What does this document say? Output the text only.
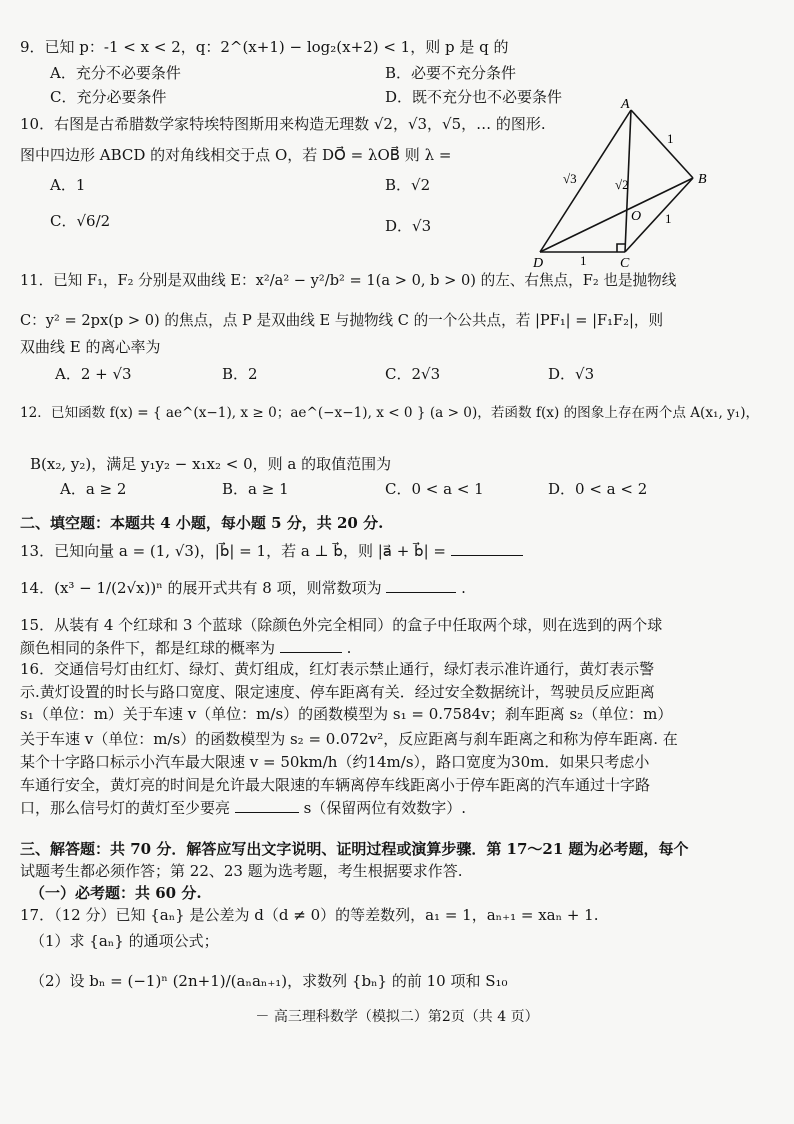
9．已知 p：-1 < x < 2，q：2^(x+1) − log₂(x+2) < 1，则 p 是 q 的
A．充分不必要条件	B．必要不充分条件
C．充分必要条件	D．既不充分也不必要条件
10．右图是古希腊数学家特埃特图斯用来构造无理数 √2，√3，√5，… 的图形.
图中四边形 ABCD 的对角线相交于点 O，若 DO⃗ = λOB⃗ 则 λ =
A．1	B．√2
C．√6/2	D．√3
A
B
C
D
O
1
1
1
√3	√2
11．已知 F₁，F₂ 分别是双曲线 E：x²/a² − y²/b² = 1(a > 0, b > 0) 的左、右焦点，F₂ 也是抛物线
C：y² = 2px(p > 0) 的焦点，点 P 是双曲线 E 与抛物线 C 的一个公共点，若 |PF₁| = |F₁F₂|，则
双曲线 E 的离心率为
A．2 + √3	B．2	C．2√3	D．√3
12．已知函数 f(x) = { ae^(x−1), x ≥ 0；ae^(−x−1), x < 0 } (a > 0)，若函数 f(x) 的图象上存在两个点 A(x₁, y₁)，
B(x₂, y₂)，满足 y₁y₂ − x₁x₂ < 0，则 a 的取值范围为
A．a ≥ 2	B．a ≥ 1	C．0 < a < 1	D．0 < a < 2
二、填空题：本题共 4 小题，每小题 5 分，共 20 分.
13．已知向量 a = (1, √3)，|b⃗| = 1，若 a ⊥ b⃗，则 |a⃗ + b⃗| =
14．(x³ − 1/(2√x))ⁿ 的展开式共有 8 项，则常数项为	.
15．从装有 4 个红球和 3 个蓝球（除颜色外完全相同）的盒子中任取两个球，则在选到的两个球
颜色相同的条件下，都是红球的概率为	.
16．交通信号灯由红灯、绿灯、黄灯组成，红灯表示禁止通行，绿灯表示准许通行，黄灯表示警
示.黄灯设置的时长与路口宽度、限定速度、停车距离有关．经过安全数据统计，驾驶员反应距离
s₁（单位：m）关于车速 v（单位：m/s）的函数模型为 s₁ = 0.7584v；刹车距离 s₂（单位：m）
关于车速 v（单位：m/s）的函数模型为 s₂ = 0.072v²，反应距离与刹车距离之和称为停车距离. 在
某个十字路口标示小汽车最大限速 v = 50km/h（约14m/s），路口宽度为30m．如果只考虑小
车通行安全，黄灯亮的时间是允许最大限速的车辆离停车线距离小于停车距离的汽车通过十字路
口，那么信号灯的黄灯至少要亮	s（保留两位有效数字）.
三、解答题：共 70 分．解答应写出文字说明、证明过程或演算步骤．第 17～21 题为必考题，每个
试题考生都必须作答；第 22、23 题为选考题，考生根据要求作答.
（一）必考题：共 60 分.
17．（12 分）已知 {aₙ} 是公差为 d（d ≠ 0）的等差数列，a₁ = 1，aₙ₊₁ = xaₙ + 1.
（1）求 {aₙ} 的通项公式；
（2）设 bₙ = (−1)ⁿ (2n+1)/(aₙaₙ₊₁)，求数列 {bₙ} 的前 10 项和 S₁₀
－ 高三理科数学（模拟二）第2页（共 4 页）
